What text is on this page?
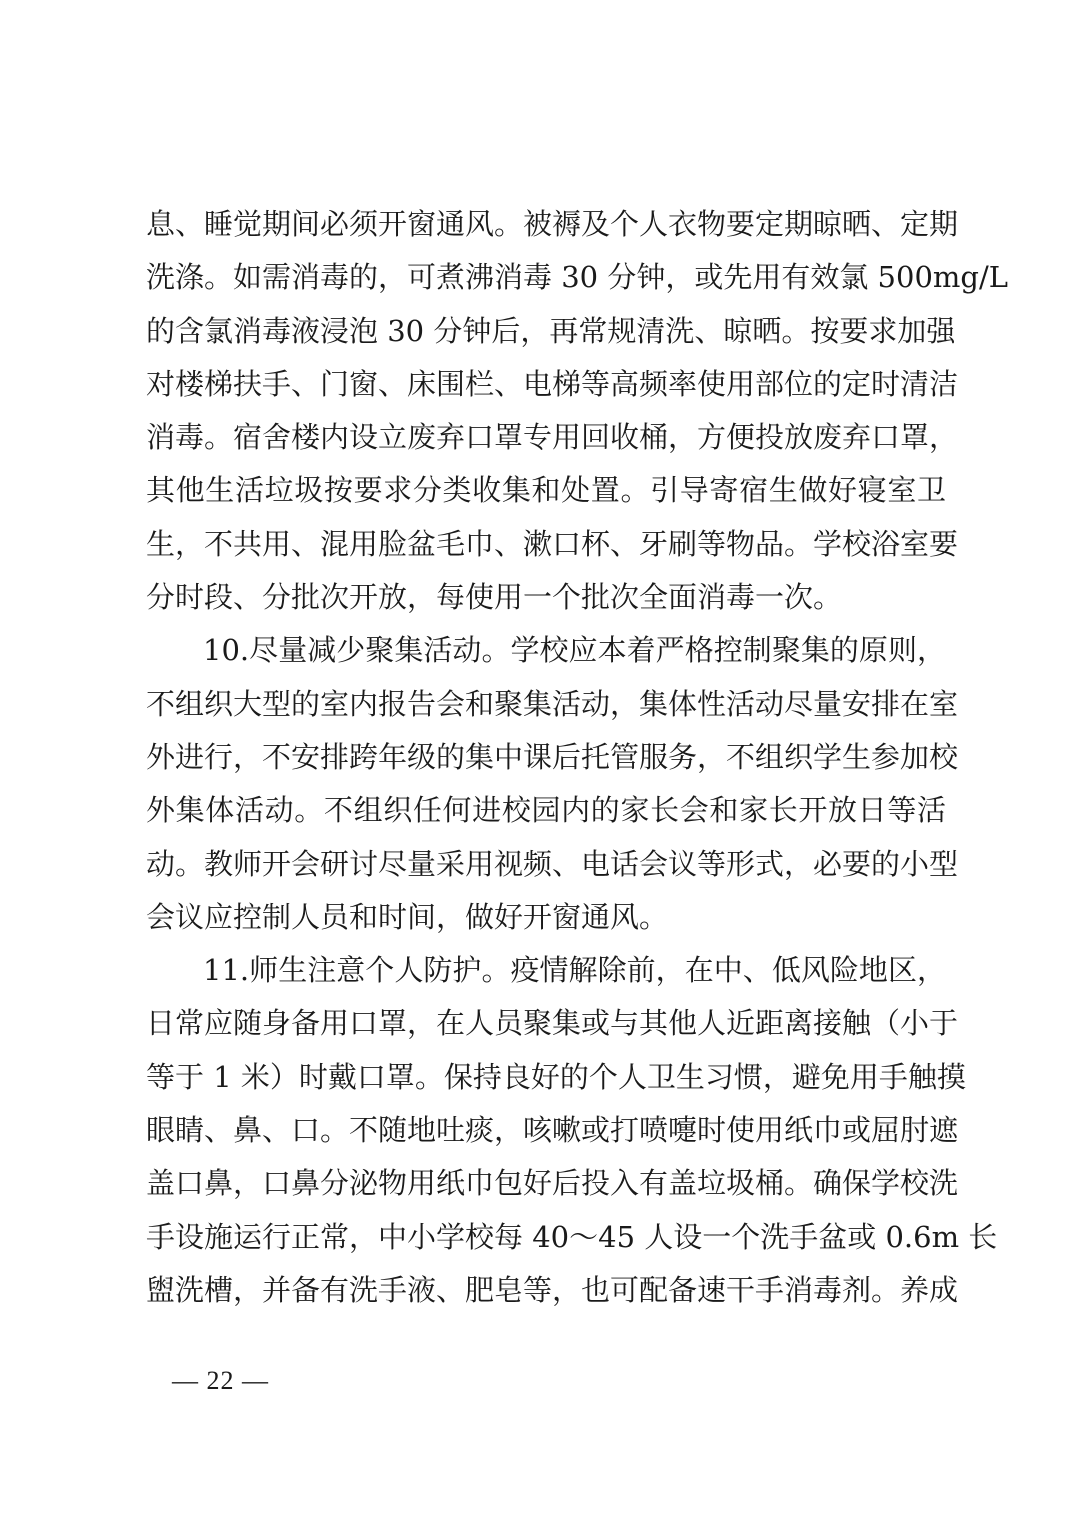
息、睡觉期间必须开窗通风。被褥及个人衣物要定期晾晒、定期
洗涤。如需消毒的，可煮沸消毒 30 分钟，或先用有效氯 500mg/L
的含氯消毒液浸泡 30 分钟后，再常规清洗、晾晒。按要求加强
对楼梯扶手、门窗、床围栏、电梯等高频率使用部位的定时清洁
消毒。宿舍楼内设立废弃口罩专用回收桶，方便投放废弃口罩，
其他生活垃圾按要求分类收集和处置。引导寄宿生做好寝室卫
生，不共用、混用脸盆毛巾、漱口杯、牙刷等物品。学校浴室要
分时段、分批次开放，每使用一个批次全面消毒一次。
10.尽量减少聚集活动。学校应本着严格控制聚集的原则，
不组织大型的室内报告会和聚集活动，集体性活动尽量安排在室
外进行，不安排跨年级的集中课后托管服务，不组织学生参加校
外集体活动。不组织任何进校园内的家长会和家长开放日等活
动。教师开会研讨尽量采用视频、电话会议等形式，必要的小型
会议应控制人员和时间，做好开窗通风。
11.师生注意个人防护。疫情解除前，在中、低风险地区，
日常应随身备用口罩，在人员聚集或与其他人近距离接触（小于
等于 1 米）时戴口罩。保持良好的个人卫生习惯，避免用手触摸
眼睛、鼻、口。不随地吐痰，咳嗽或打喷嚏时使用纸巾或屈肘遮
盖口鼻，口鼻分泌物用纸巾包好后投入有盖垃圾桶。确保学校洗
手设施运行正常，中小学校每 40～45 人设一个洗手盆或 0.6m 长
盥洗槽，并备有洗手液、肥皂等，也可配备速干手消毒剂。养成
— 22 —
